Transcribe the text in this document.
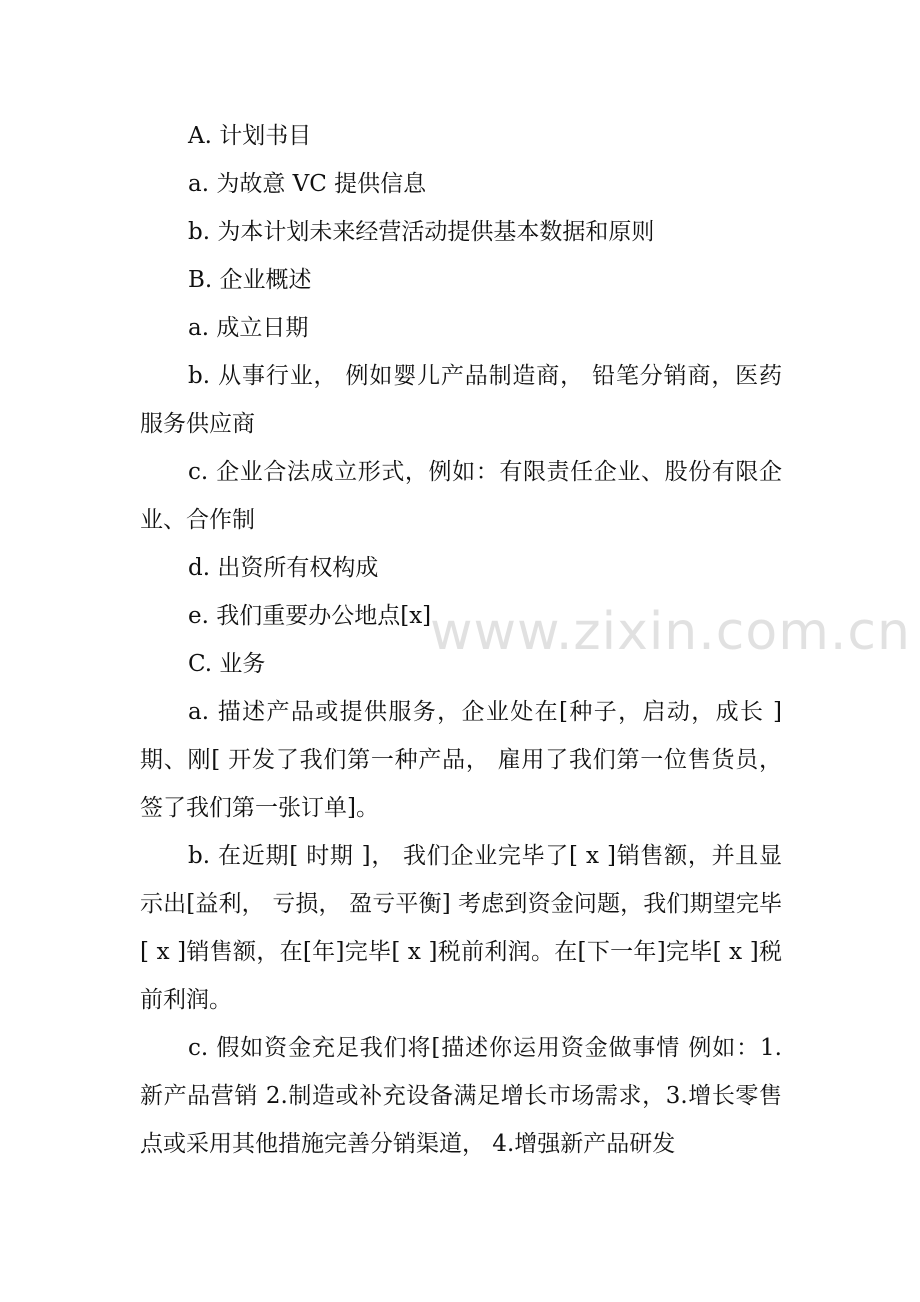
A. 计划书目

a. 为故意 VC 提供信息

b. 为本计划未来经营活动提供基本数据和原则

B. 企业概述

a. 成立日期

b. 从事行业， 例如婴儿产品制造商， 铅笔分销商，医药服务供应商

c. 企业合法成立形式，例如：有限责任企业、股份有限企业、合作制

d. 出资所有权构成

e. 我们重要办公地点[x]

C. 业务

a. 描述产品或提供服务，企业处在[种子，启动，成长 ]期、刚[ 开发了我们第一种产品， 雇用了我们第一位售货员， 签了我们第一张订单]。

b. 在近期[ 时期 ]， 我们企业完毕了[ x ]销售额，并且显示出[益利， 亏损， 盈亏平衡] 考虑到资金问题，我们期望完毕 [ x ]销售额，在[年]完毕[ x ]税前利润。在[下一年]完毕[ x ]税前利润。

c. 假如资金充足我们将[描述你运用资金做事情 例如：1.新产品营销 2.制造或补充设备满足增长市场需求，3.增长零售点或采用其他措施完善分销渠道， 4.增强新产品研发

www.zixin.com.cn
